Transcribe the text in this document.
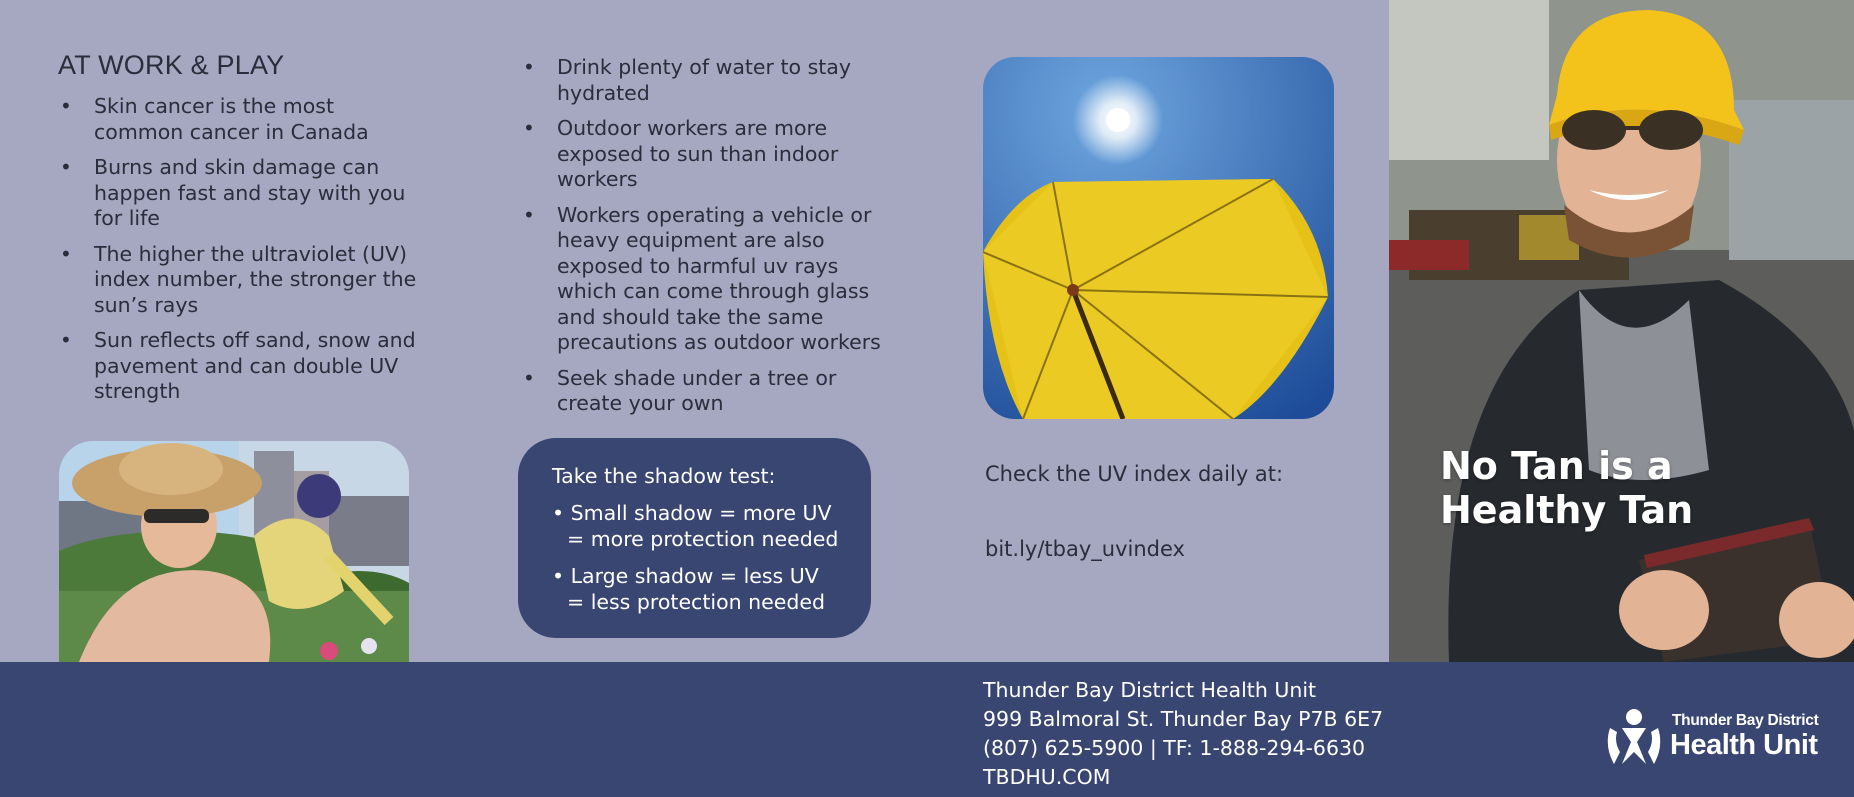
AT WORK & PLAY
• Skin cancer is the most common cancer in Canada
• Burns and skin damage can happen fast and stay with you for life
• The higher the ultraviolet (UV) index number, the stronger the sun’s rays
• Sun reflects off sand, snow and pavement and can double UV strength
• Drink plenty of water to stay hydrated
• Outdoor workers are more exposed to sun than indoor workers
• Workers operating a vehicle or heavy equipment are also exposed to harmful uv rays which can come through glass and should take the same precautions as outdoor workers
• Seek shade under a tree or create your own
Take the shadow test:
• Small shadow = more UV
= more protection needed
• Large shadow = less UV
= less protection needed
Check the UV index daily at:
bit.ly/tbay_uvindex
No Tan is a
Healthy Tan
Thunder Bay District Health Unit
999 Balmoral St. Thunder Bay P7B 6E7
(807) 625-5900 | TF: 1-888-294-6630
TBDHU.COM
Thunder Bay District
Health Unit
